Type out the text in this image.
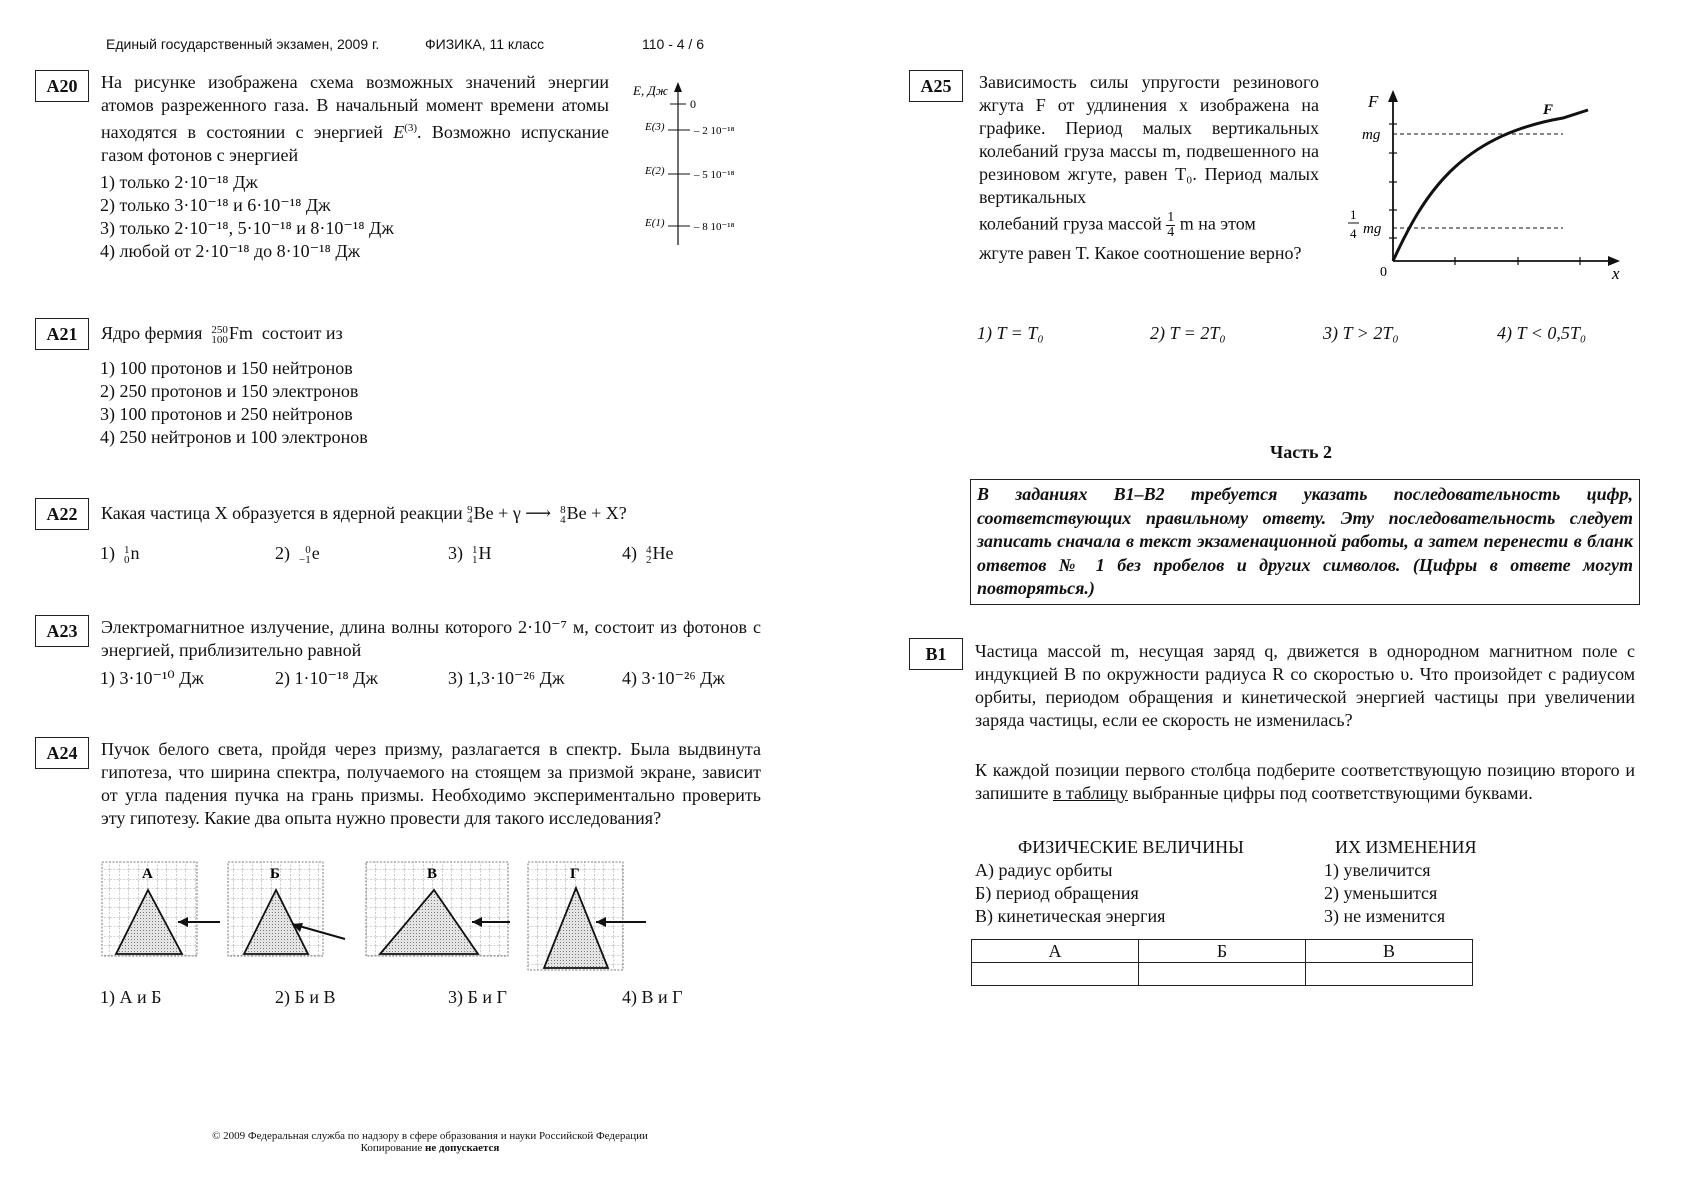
Единый государственный экзамен, 2009 г.	ФИЗИКА, 11 класс	110 - 4 / 6
A20	На рисунке изображена схема возможных значений энергии атомов разреженного газа. В начальный момент времени атомы находятся в состоянии с энергией $E^{(3)}$. Возможно испускание газом фотонов с энергией
1) только 2·10⁻¹⁸ Дж
2) только 3·10⁻¹⁸ и 6·10⁻¹⁸ Дж
3) только 2·10⁻¹⁸, 5·10⁻¹⁸ и 8·10⁻¹⁸ Дж
4) любой от 2·10⁻¹⁸ до 8·10⁻¹⁸ Дж
E, Дж
0
E(3)	– 2 10⁻¹⁸
E(2)	– 5 10⁻¹⁸
E(1)	– 8 10⁻¹⁸
A21	Ядро фермия 250
100Fm состоит из
1) 100 протонов и 150 нейтронов
2) 250 протонов и 150 электронов
3) 100 протонов и 250 нейтронов
4) 250 нейтронов и 100 электронов
A22	Какая частица X образуется в ядерной реакции 9
4Be + γ ⟶ 8
4Be + X?
1) 1
0n	2) 0
−1e	3) 1
1H	4) 4
2He
A23	Электромагнитное излучение, длина волны которого 2·10⁻⁷ м, состоит из фотонов с энергией, приблизительно равной
1) 3·10⁻¹⁰ Дж	2) 1·10⁻¹⁸ Дж	3) 1,3·10⁻²⁶ Дж	4) 3·10⁻²⁶ Дж
A24	Пучок белого света, пройдя через призму, разлагается в спектр. Была выдвинута гипотеза, что ширина спектра, получаемого на стоящем за призмой экране, зависит от угла падения пучка на грань призмы. Необходимо экспериментально проверить эту гипотезу. Какие два опыта нужно провести для такого исследования?
А	Б	В	Г
1) А и Б	2) Б и В	3) Б и Г	4) В и Г
© 2009 Федеральная служба по надзору в сфере образования и науки Российской Федерации
Копирование не допускается
A25	Зависимость силы упругости резинового жгута F от удлинения x изображена на графике. Период малых вертикальных колебаний груза массы m, подвешенного на резиновом жгуте, равен T₀. Период малых вертикальных
колебаний груза массой $\frac{1}{4}$ m на этом
жгуте равен T. Какое соотношение верно?
F
x
F
mg
1
4 mg
0
1) T = T₀	2) T = 2T₀	3) T > 2T₀	4) T < 0,5T₀
Часть 2
В заданиях В1–В2 требуется указать последовательность цифр, соответствующих правильному ответу. Эту последовательность следует записать сначала в текст экзаменационной работы, а затем перенести в бланк ответов № 1 без пробелов и других символов. (Цифры в ответе могут повторяться.)
B1	Частица массой m, несущая заряд q, движется в однородном магнитном поле с индукцией B по окружности радиуса R со скоростью υ. Что произойдет с радиусом орбиты, периодом обращения и кинетической энергией частицы при увеличении заряда частицы, если ее скорость не изменилась?
К каждой позиции первого столбца подберите соответствующую позицию второго и запишите в таблицу выбранные цифры под соответствующими буквами.
ФИЗИЧЕСКИЕ ВЕЛИЧИНЫ	ИХ ИЗМЕНЕНИЯ
А) радиус орбиты
Б) период обращения
В) кинетическая энергия
1) увеличится
2) уменьшится
3) не изменится
А	Б	В
